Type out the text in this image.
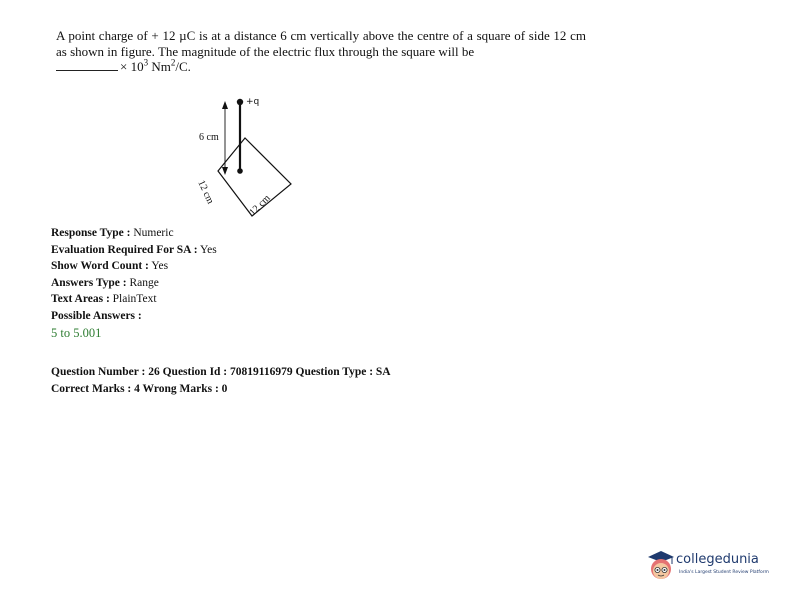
A point charge of + 12 µC is at a distance 6 cm vertically above the centre of a square of side 12 cm as shown in figure. The magnitude of the electric flux through the square will be
× $10^3$ Nm$^2$/C.

+q
6 cm
12 cm	12 cm
Response Type : Numeric
Evaluation Required For SA : Yes
Show Word Count : Yes
Answers Type : Range
Text Areas : PlainText
Possible Answers :
5 to 5.001
Question Number : 26 Question Id : 70819116979 Question Type : SA
Correct Marks : 4 Wrong Marks : 0
collegedunia
India's Largest Student Review Platform
